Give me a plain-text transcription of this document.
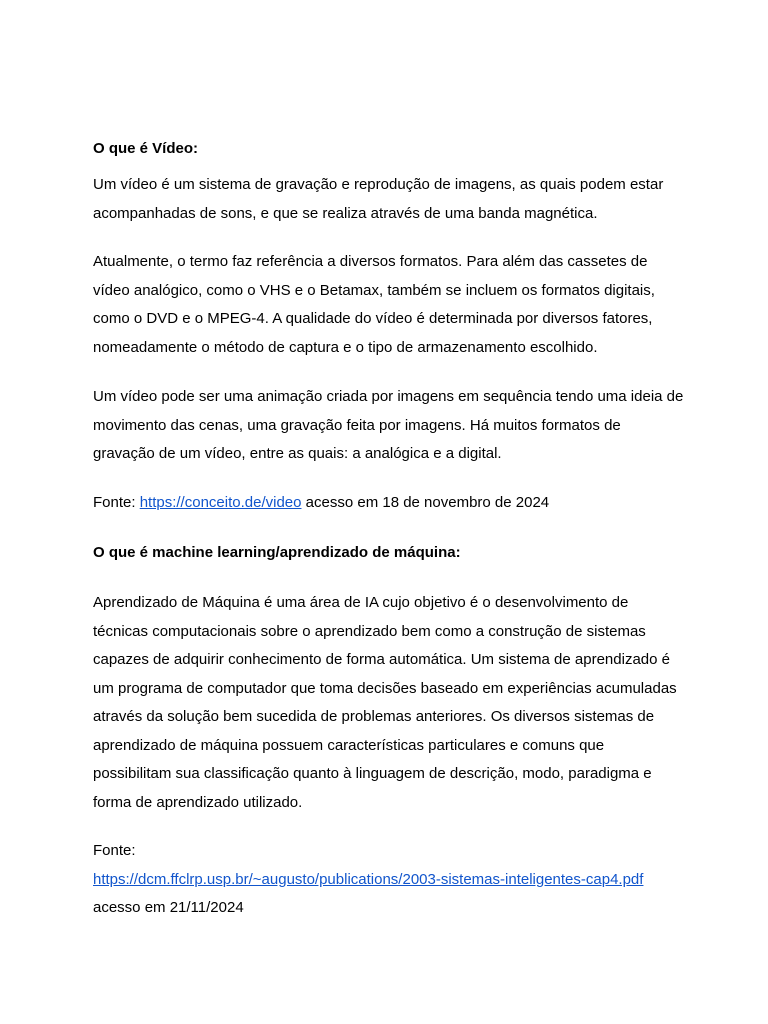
O que é Vídeo:
Um vídeo é um sistema de gravação e reprodução de imagens, as quais podem estar
acompanhadas de sons, e que se realiza através de uma banda magnética.
Atualmente, o termo faz referência a diversos formatos. Para além das cassetes de
vídeo analógico, como o VHS e o Betamax, também se incluem os formatos digitais,
como o DVD e o MPEG-4. A qualidade do vídeo é determinada por diversos fatores,
nomeadamente o método de captura e o tipo de armazenamento escolhido.
Um vídeo pode ser uma animação criada por imagens em sequência tendo uma ideia de
movimento das cenas, uma gravação feita por imagens. Há muitos formatos de
gravação de um vídeo, entre as quais: a analógica e a digital.
Fonte: https://conceito.de/video acesso em 18 de novembro de 2024
O que é machine learning/aprendizado de máquina:
Aprendizado de Máquina é uma área de IA cujo objetivo é o desenvolvimento de
técnicas computacionais sobre o aprendizado bem como a construção de sistemas
capazes de adquirir conhecimento de forma automática. Um sistema de aprendizado é
um programa de computador que toma decisões baseado em experiências acumuladas
através da solução bem sucedida de problemas anteriores. Os diversos sistemas de
aprendizado de máquina possuem características particulares e comuns que
possibilitam sua classificação quanto à linguagem de descrição, modo, paradigma e
forma de aprendizado utilizado.
Fonte:
https://dcm.ffclrp.usp.br/~augusto/publications/2003-sistemas-inteligentes-cap4.pdf
acesso em 21/11/2024
